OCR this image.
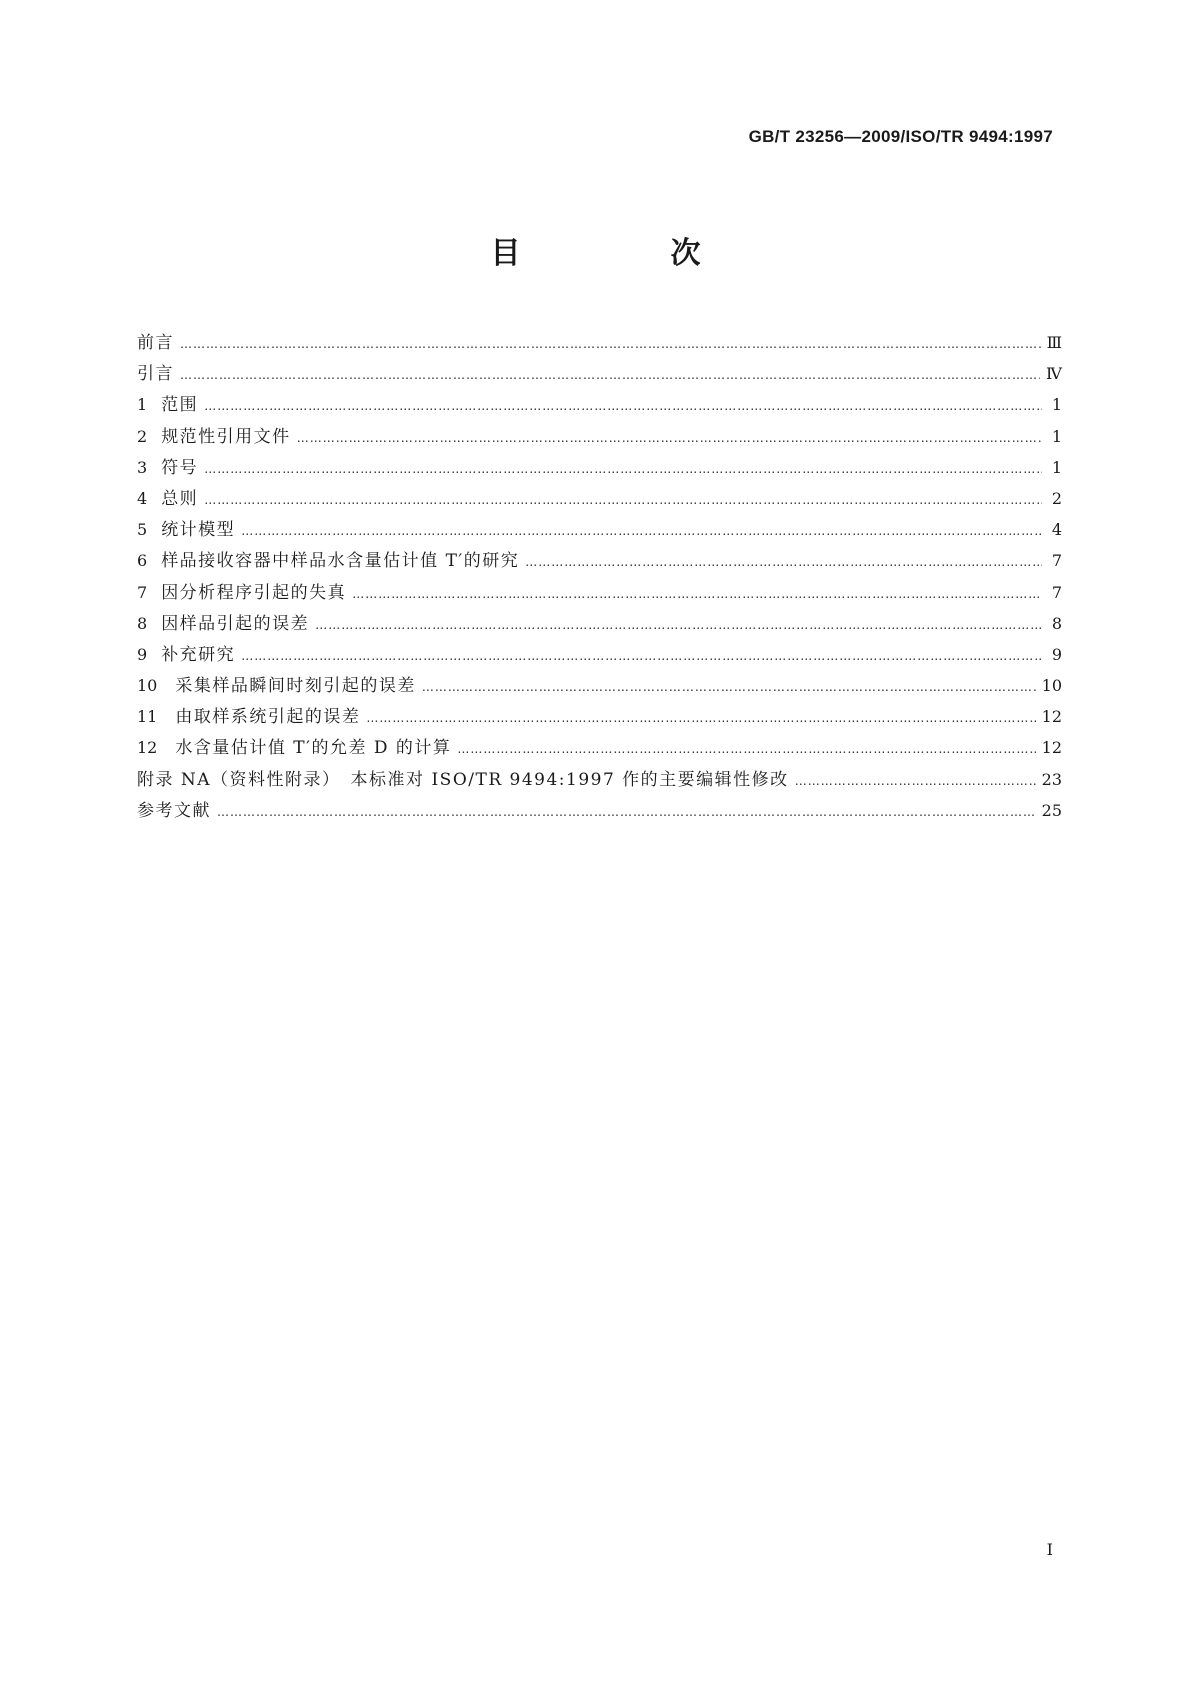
GB/T 23256—2009/ISO/TR 9494:1997
目　次
前言 ……………………………………………………………………………………………………………………………………………………………………………………	Ⅲ
引言 ……………………………………………………………………………………………………………………………………………………………………………………	Ⅳ
1 范围 ……………………………………………………………………………………………………………………………………………………………………………………	1
2 规范性引用文件 ……………………………………………………………………………………………………………………………………………………………………………………	1
3 符号 ……………………………………………………………………………………………………………………………………………………………………………………	1
4 总则 ……………………………………………………………………………………………………………………………………………………………………………………	2
5 统计模型 ……………………………………………………………………………………………………………………………………………………………………………………	4
6 样品接收容器中样品水含量估计值 T′的研究 ……………………………………………………………………………………………………………………………………………………………………………………	7
7 因分析程序引起的失真 ……………………………………………………………………………………………………………………………………………………………………………………	7
8 因样品引起的误差 ……………………………………………………………………………………………………………………………………………………………………………………	8
9 补充研究 ……………………………………………………………………………………………………………………………………………………………………………………	9
10 采集样品瞬间时刻引起的误差 ……………………………………………………………………………………………………………………………………………………………………………………	10
11 由取样系统引起的误差 ……………………………………………………………………………………………………………………………………………………………………………………	12
12 水含量估计值 T′的允差 D 的计算 ……………………………………………………………………………………………………………………………………………………………………………………	12
附录 NA（资料性附录）　本标准对 ISO/TR 9494:1997 作的主要编辑性修改 ……………………………………………………………………………………………………………………………………………………………………………………	23
参考文献 ……………………………………………………………………………………………………………………………………………………………………………………	25
Ⅰ
